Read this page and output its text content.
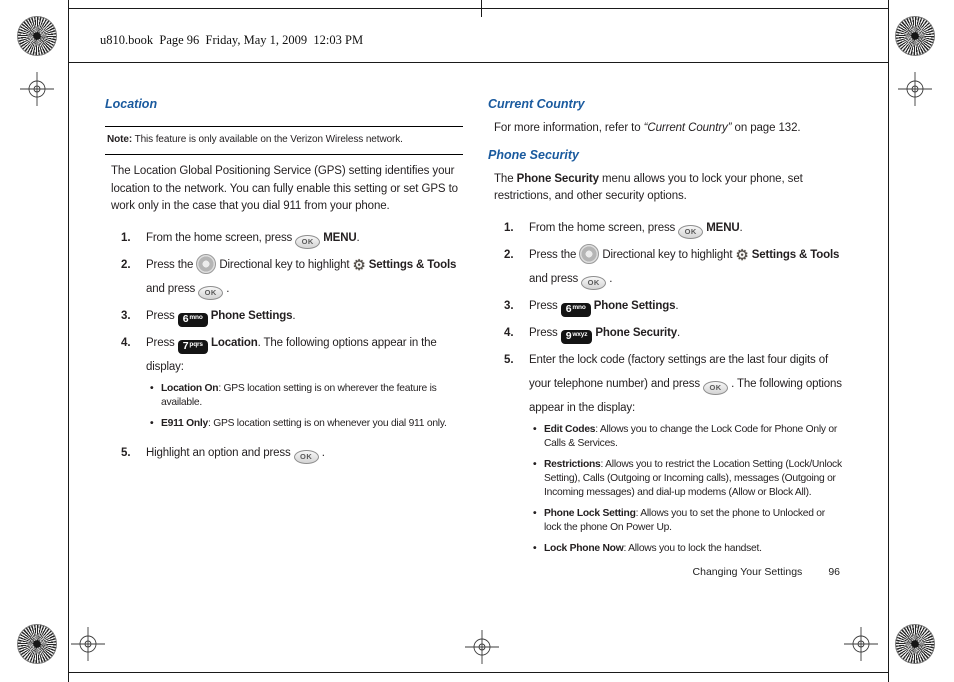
u810.book  Page 96  Friday, May 1, 2009  12:03 PM
Location
Note: This feature is only available on the Verizon Wireless network.
The Location Global Positioning Service (GPS) setting identifies your location to the network. You can fully enable this setting or set GPS to work only in the case that you dial 911 from your phone.
1.	From the home screen, press OK MENU.
2.	Press the  Directional key to highlight ⚙ Settings & Tools and press OK .
3.	Press $6^{mno}$ Phone Settings.
4.	Press $7^{pqrs}$ Location. The following options appear in the display:
• Location On: GPS location setting is on wherever the feature is available.
• E911 Only: GPS location setting is on whenever you dial 911 only.
5.	Highlight an option and press OK .
Current Country
For more information, refer to “Current Country” on page 132.
Phone Security
The Phone Security menu allows you to lock your phone, set restrictions, and other security options.
1.	From the home screen, press OK MENU.
2.	Press the  Directional key to highlight ⚙ Settings & Tools and press OK .
3.	Press $6^{mno}$ Phone Settings.
4.	Press $9^{wxyz}$ Phone Security.
5.	Enter the lock code (factory settings are the last four digits of your telephone number) and press OK . The following options appear in the display:
• Edit Codes: Allows you to change the Lock Code for Phone Only or Calls & Services.
• Restrictions: Allows you to restrict the Location Setting (Lock/Unlock Setting), Calls (Outgoing or Incoming calls), messages (Outgoing or Incoming messages) and dial-up modems (Allow or Block All).
• Phone Lock Setting: Allows you to set the phone to Unlocked or lock the phone On Power Up.
• Lock Phone Now: Allows you to lock the handset.
Changing Your Settings 96
